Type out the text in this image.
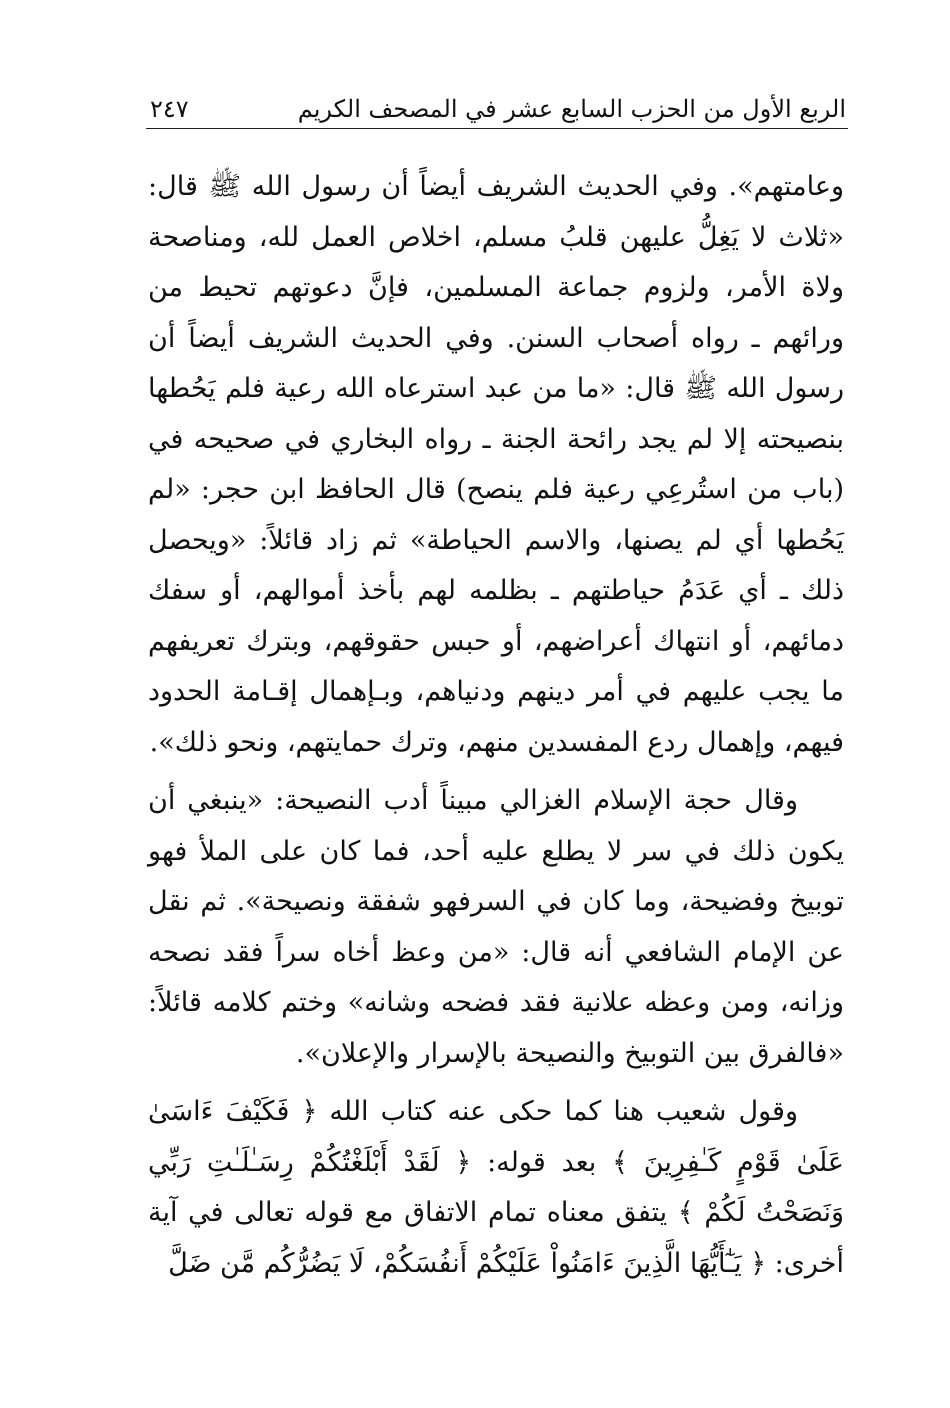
الربع الأول من الحزب السابع عشر في المصحف الكريم
٢٤٧

وعامتهم». وفي الحديث الشريف أيضاً أن رسول الله ﷺ قال: «ثلاث لا يَغِلُّ عليهن قلبُ مسلم، اخلاص العمل لله، ومناصحة ولاة الأمر، ولزوم جماعة المسلمين، فإنَّ دعوتهم تحيط من ورائهم ـ رواه أصحاب السنن. وفي الحديث الشريف أيضاً أن رسول الله ﷺ قال: «ما من عبد استرعاه الله رعية فلم يَحُطها بنصيحته إلا لم يجد رائحة الجنة ـ رواه البخاري في صحيحه في (باب من استُرعِي رعية فلم ينصح) قال الحافظ ابن حجر: «لم يَحُطها أي لم يصنها، والاسم الحياطة» ثم زاد قائلاً: «ويحصل ذلك ـ أي عَدَمُ حياطتهم ـ بظلمه لهم بأخذ أموالهم، أو سفك دمائهم، أو انتهاك أعراضهم، أو حبس حقوقهم، وبترك تعريفهم ما يجب عليهم في أمر دينهم ودنياهم، وبـإهمال إقـامة الحدود فيهم، وإهمال ردع المفسدين منهم، وترك حمايتهم، ونحو ذلك».

وقال حجة الإسلام الغزالي مبيناً أدب النصيحة: «ينبغي أن يكون ذلك في سر لا يطلع عليه أحد، فما كان على الملأ فهو توبيخ وفضيحة، وما كان في السرفهو شفقة ونصيحة». ثم نقل عن الإمام الشافعي أنه قال: «من وعظ أخاه سراً فقد نصحه وزانه، ومن وعظه علانية فقد فضحه وشانه» وختم كلامه قائلاً: «فالفرق بين التوبيخ والنصيحة بالإسرار والإعلان».

وقول شعيب هنا كما حكى عنه كتاب الله ﴿ فَكَيْفَ ءَاسَىٰ عَلَىٰ قَوْمٍ كَـٰفِرِينَ ﴾ بعد قوله: ﴿ لَقَدْ أَبْلَغْتُكُمْ رِسَـٰلَـٰتِ رَبِّي وَنَصَحْتُ لَكُمْ ﴾ يتفق معناه تمام الاتفاق مع قوله تعالى في آية أخرى: ﴿ يَـٰٓأَيُّهَا الَّذِينَ ءَامَنُواْ عَلَيْكُمْ أَنفُسَكُمْ، لَا يَضُرُّكُم مَّن ضَلَّ
